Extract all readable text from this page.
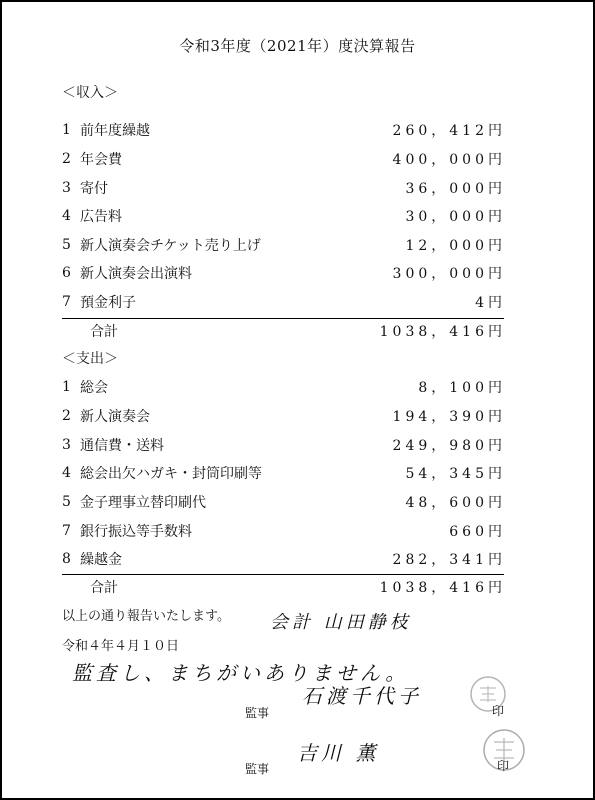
令和3年度（2021年）度決算報告
＜収入＞
1 前年度繰越	260，412円
2 年会費	400，000円
3 寄付	36，000円
4 広告料	30，000円
5 新人演奏会チケット売り上げ	12，000円
6 新人演奏会出演料	300，000円
7 預金利子	4円
合計	1038，416円
＜支出＞
1 総会	8，100円
2 新人演奏会	194，390円
3 通信費・送料	249，980円
4 総会出欠ハガキ・封筒印刷等	54，345円
5 金子理事立替印刷代	48，600円
7 銀行振込等手数料	660円
8 繰越金	282，341円
合計	1038，416円
以上の通り報告いたします。 会計 山田静枝
令和４年４月１０日
監査し、まちがいありません。
監事
石渡千代子
印
監事
吉川 薫
印
